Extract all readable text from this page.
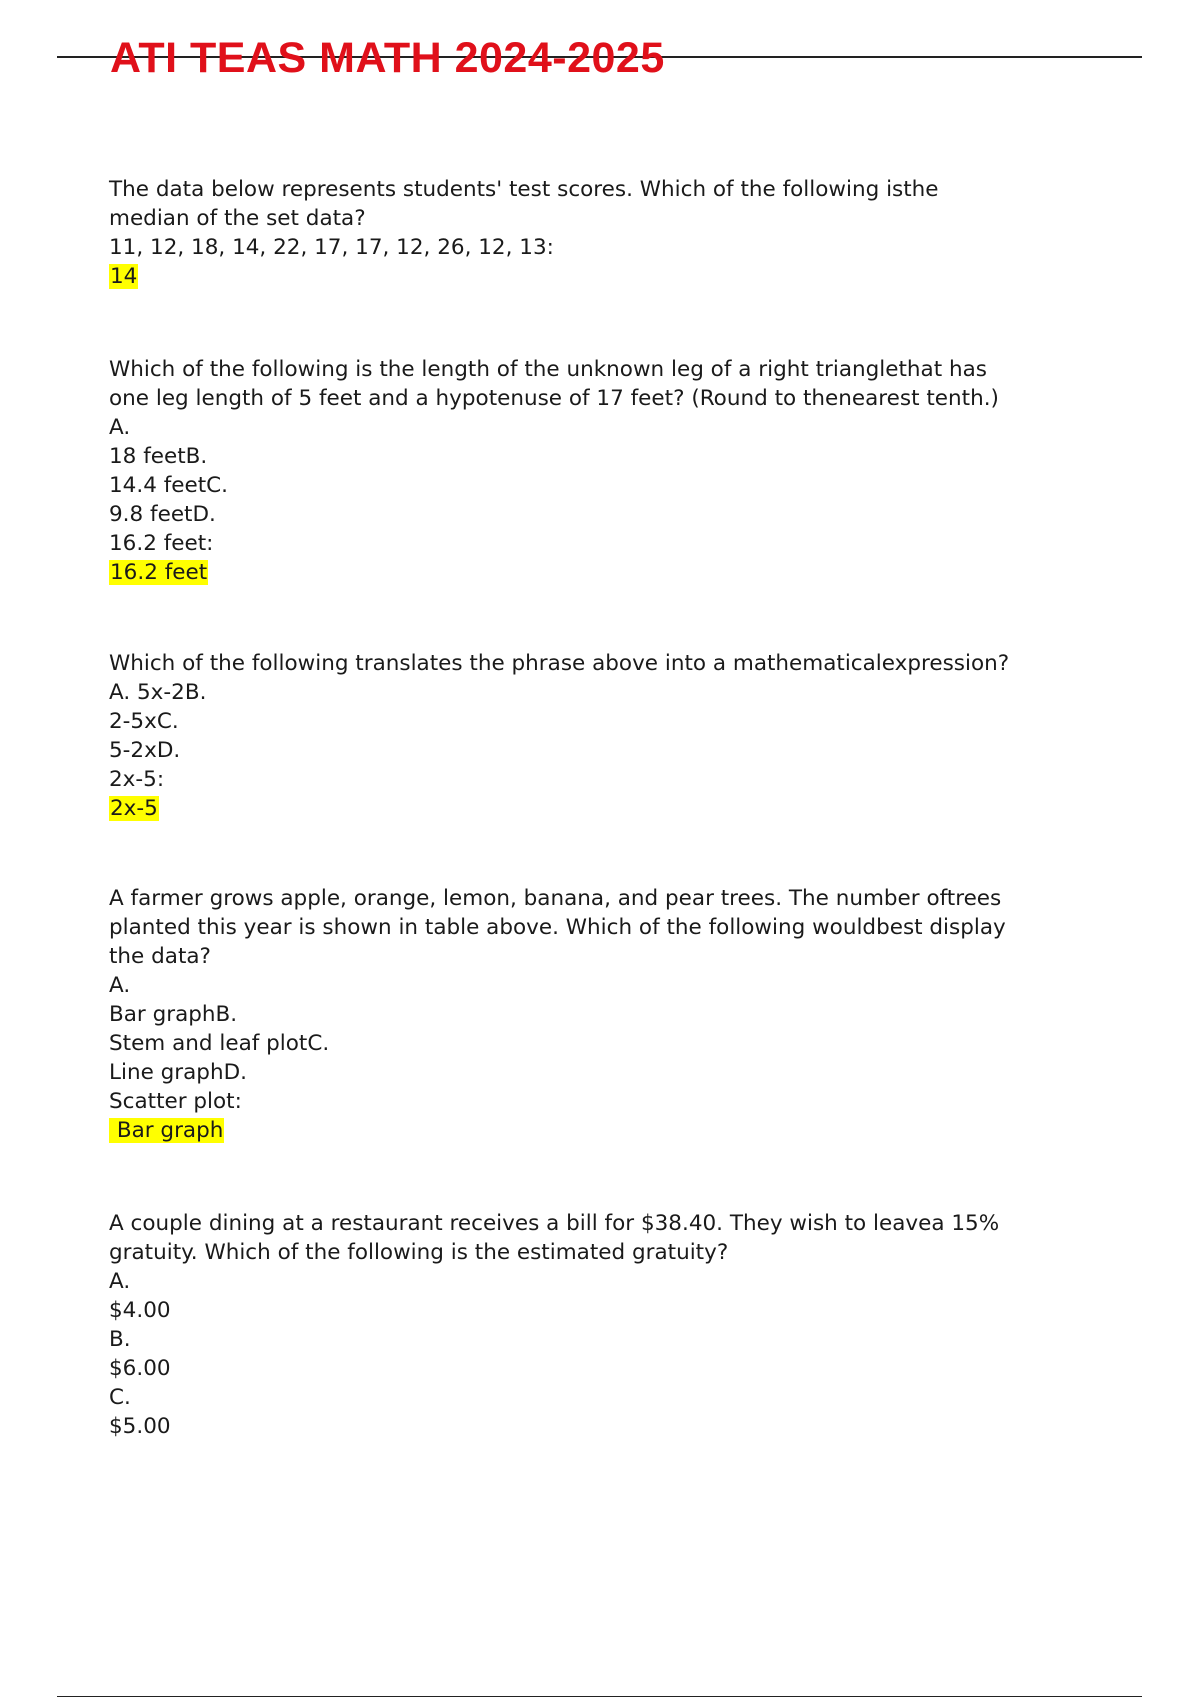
ATI TEAS MATH 2024-2025
The data below represents students' test scores. Which of the following isthe
median of the set data?
11, 12, 18, 14, 22, 17, 17, 12, 26, 12, 13:
14
Which of the following is the length of the unknown leg of a right trianglethat has
one leg length of 5 feet and a hypotenuse of 17 feet? (Round to thenearest tenth.)
A.
18 feetB.
14.4 feetC.
9.8 feetD.
16.2 feet:
16.2 feet
Which of the following translates the phrase above into a mathematicalexpression?
A. 5x-2B.
2-5xC.
5-2xD.
2x-5:
2x-5
A farmer grows apple, orange, lemon, banana, and pear trees. The number oftrees
planted this year is shown in table above. Which of the following wouldbest display
the data?
A.
Bar graphB.
Stem and leaf plotC.
Line graphD.
Scatter plot:
Bar graph
A couple dining at a restaurant receives a bill for $38.40. They wish to leavea 15%
gratuity. Which of the following is the estimated gratuity?
A.
$4.00
B.
$6.00
C.
$5.00
